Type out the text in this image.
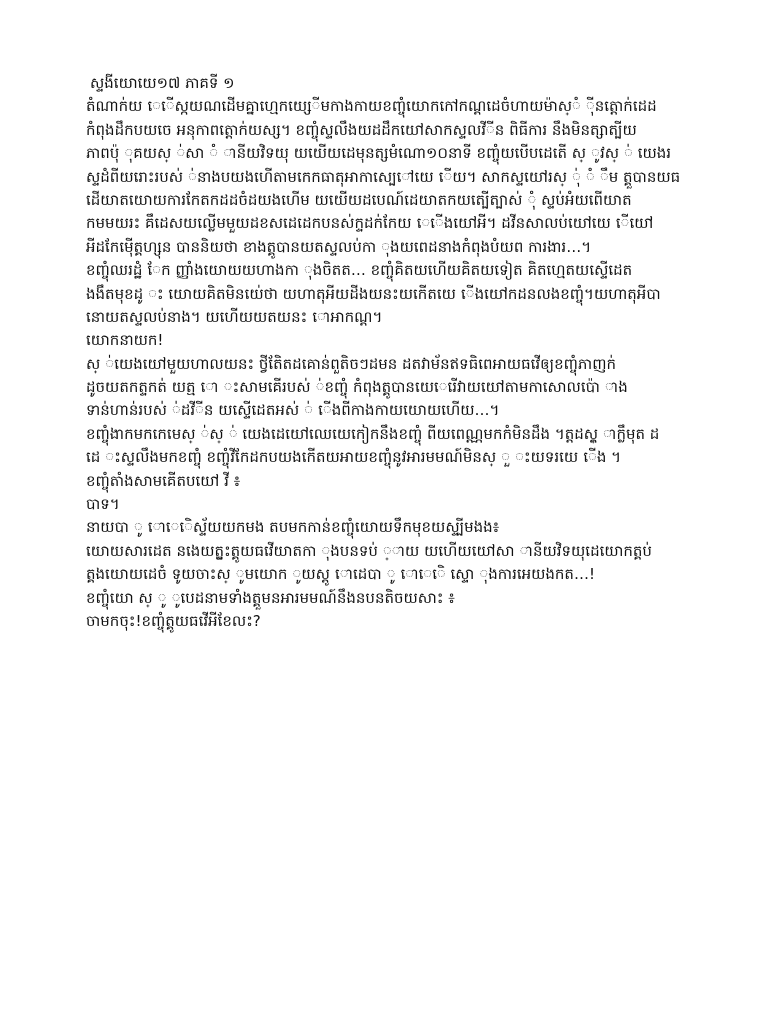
ស្ទងីយោយេ១៧ ភាគទី ១
តំណាក់យ េើស្កយណដើមគ្នាហ្មេកយេ្សីមកាងកាយខញ្ចុំយោកកៅកណ្ដដេចំហាយម៉ាស្ំ ុីនត្ដោក់ដេដ
កំពុងដឹកបយចេ អនុកាពត្ដោក់យស្ស។ ខញ្ចុំស្ទលឹងយដដឹកយៅសាកស្ទលវីីន ពិធីការ នឹងមិនត្សាត្បីយ
ភាពប៉ុ ុគយស្ ់សា ំ ានីយវិទយុ យយើយដេមុនត្សមំណោ១០នាទី ខញ្ចុំយបើបដេតើ ស្ ូវស្ ់ យេងរ
ស្ទដំពីយរោះរបស់ ់នាងបយងហើតាមកេកធាតុអាកាស្បេៅយេ ើយ។ សាកស្ទយៅរស្ ុ់ ំ ឹម ត្គួបានយធ
ដើយាតយោយការកែតកដដចំដយងហើម យយើយដបេណ៍ដេយាតកយត្បើត្បាស់ ុំ ស្ទប់អំយពើយាត
កមមយរះ គឹដេសយល្លើមមួយដខសដេដេកបនស់ក្ទដក់កែយ េើងយៅអី។ ដវីនសាលប់យៅយេ ើយៅ
អីដកែម៉ើត្គហ្សុន បាននិយថា ខាងត្គូបានយតស្ទលប់កា ុងយពេដនាងកំពុងបំយព ការងារ…។
ខញ្ចុំឈរដ្ឋំ ែក ញ្ញាំងយោយយហាងកា ុងចិតត… ខញ្ចុំគិតយហើយគិតយទៀត គិតហ្មេតយស្ទើដេត
ងងឹតមុខដូ ះ យោយគិតមិនយេ់ថា យហាតុអីយដីងយនះយកើតយេ ើងយៅកដនលងខញ្ចុំ។យហាតុអីបា
នោយតស្ទលប់នាង។ យហើយយតយនះ ោអាកណ្ដ។
យោកនាយក!
ស្ ់យេងយៅមួយហាលយនះ ថ្វីតែិតដគោន់ពួតិចៗដមន ដតវាម័នឥទធិពេអាយធវើឲ្យខញ្ចុំភាញក់
ដូចយតកត្ទកត់ យត្ម ោ ះសាមគើរបស់ ់ខញ្ចុំ កំពុងត្គូបានយេេរើវាយយៅតាមកាសោលប៉ោ ាង
ទាន់ហាន់របស់ ់ដវីីន យស្ទើដេតអស់ ់ ើងពីកាងកាយយោយហើយ…។
ខញ្ចុំងាកមកកេមេស្ ់ស្ ់ យេងដេយៅឈេយេកៀកនឹងខញ្ចុំ ពីយពេណ្ណមកកំមិនដឹង ។ត្ដដស្ត្ ាក្លឹមុត ដ
ដេ ះស្ទលឹងមកខញ្ចុំ ខញ្ចុំវីកែដកបយងកើតយអាយខញ្ចុំនូវអារមមណ៍មិនស្ ួ ះយទរយេ ើង ។
ខញ្ចុំតាំងសាមគើតបយៅ វី ៖
បាទ។
នាយបា ូ ោេេិស្ទ័យយកមង តបមកកាន់ខញ្ចុំយោយទឹកមុខយស្ទ្បីមងង៖
យោយសារដេត នងេយត្ផ្ទះត្គូយធវើយាតកា ុងបនទប់ ្ាយ យហើយយៅសា ានីយវិទយុដេយោកត្គប់
ត្គងយោយដេចំ ទូយចាះស្ ូមយោក ូយស្តូ ោដេបា ូ ោេេិ ស្ទោ ុងការអេយងកត…!
ខញ្ចុំយោ ស្ ូ ូបេដនាមទាំងត្គួមនអារមមណ៍នឹងនបនតិចយសាះ ៖
ចាមកចុះ!ខញ្ចុំត្គូយធវើអីខែលះ?
